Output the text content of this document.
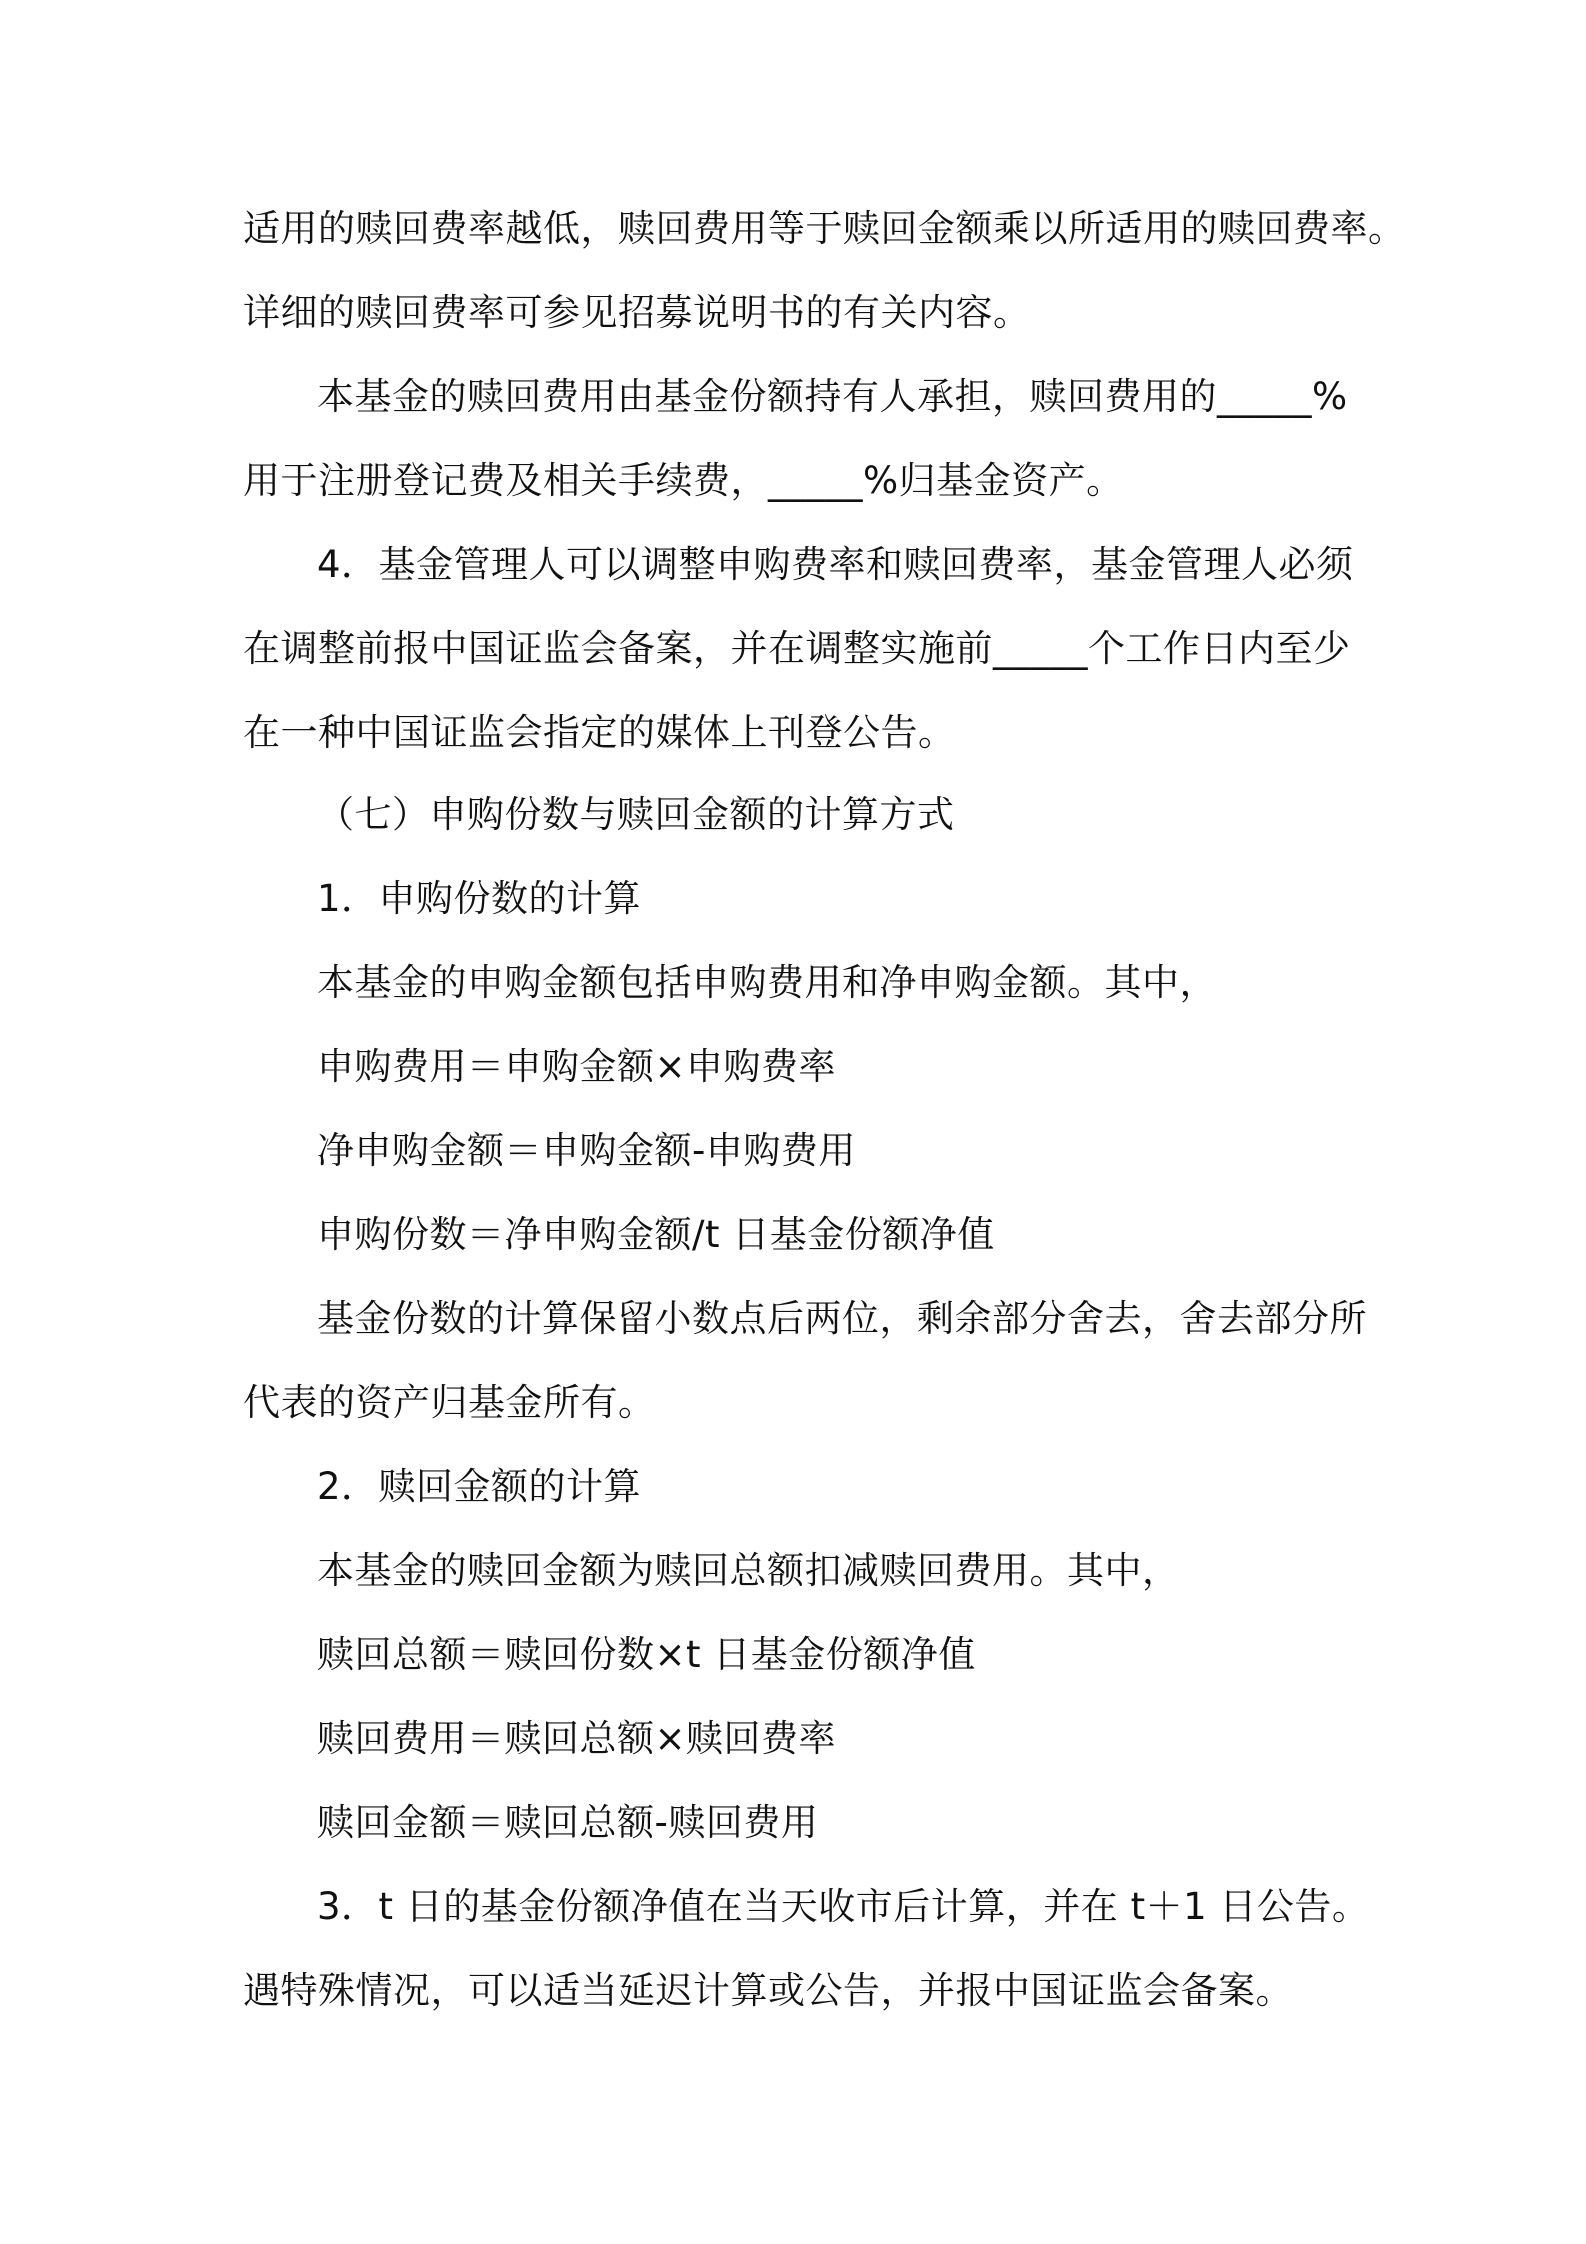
适用的赎回费率越低，赎回费用等于赎回金额乘以所适用的赎回费率。
详细的赎回费率可参见招募说明书的有关内容。
本基金的赎回费用由基金份额持有人承担，赎回费用的_____%
用于注册登记费及相关手续费，_____%归基金资产。
4．基金管理人可以调整申购费率和赎回费率，基金管理人必须
在调整前报中国证监会备案，并在调整实施前_____个工作日内至少
在一种中国证监会指定的媒体上刊登公告。
（七）申购份数与赎回金额的计算方式
1．申购份数的计算
本基金的申购金额包括申购费用和净申购金额。其中，
申购费用＝申购金额×申购费率
净申购金额＝申购金额-申购费用
申购份数＝净申购金额/t 日基金份额净值
基金份数的计算保留小数点后两位，剩余部分舍去，舍去部分所
代表的资产归基金所有。
2．赎回金额的计算
本基金的赎回金额为赎回总额扣减赎回费用。其中，
赎回总额＝赎回份数×t 日基金份额净值
赎回费用＝赎回总额×赎回费率
赎回金额＝赎回总额-赎回费用
3．t 日的基金份额净值在当天收市后计算，并在 t＋1 日公告。
遇特殊情况，可以适当延迟计算或公告，并报中国证监会备案。
